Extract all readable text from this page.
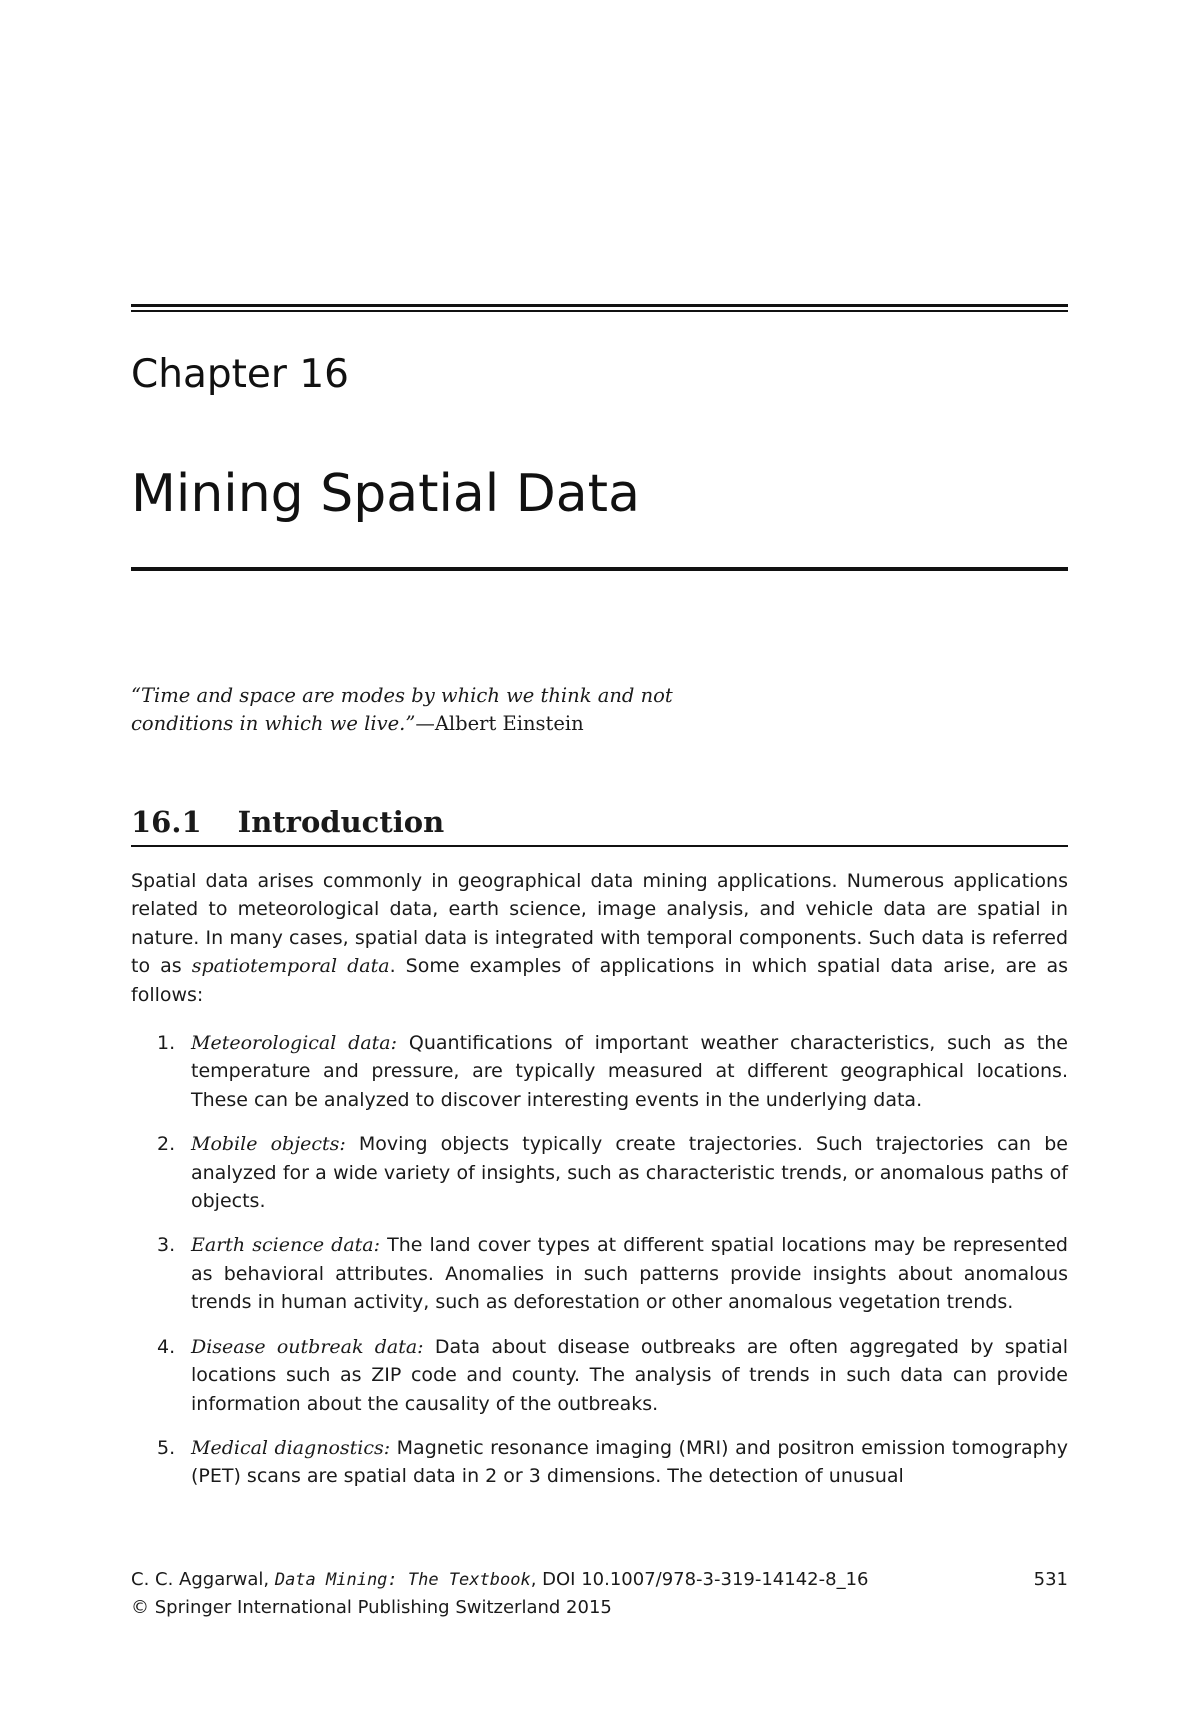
Chapter 16
Mining Spatial Data
“Time and space are modes by which we think and not
conditions in which we live.”—Albert Einstein
16.1 Introduction

Spatial data arises commonly in geographical data mining applications. Numerous applications related to meteorological data, earth science, image analysis, and vehicle data are spatial in nature. In many cases, spatial data is integrated with temporal components. Such data is referred to as spatiotemporal data. Some examples of applications in which spatial data arise, are as follows:

1. Meteorological data: Quantifications of important weather characteristics, such as the temperature and pressure, are typically measured at different geographical locations. These can be analyzed to discover interesting events in the underlying data.
2. Mobile objects: Moving objects typically create trajectories. Such trajectories can be analyzed for a wide variety of insights, such as characteristic trends, or anomalous paths of objects.
3. Earth science data: The land cover types at different spatial locations may be represented as behavioral attributes. Anomalies in such patterns provide insights about anomalous trends in human activity, such as deforestation or other anomalous vegetation trends.
4. Disease outbreak data: Data about disease outbreaks are often aggregated by spatial locations such as ZIP code and county. The analysis of trends in such data can provide information about the causality of the outbreaks.
5. Medical diagnostics: Magnetic resonance imaging (MRI) and positron emission tomography (PET) scans are spatial data in 2 or 3 dimensions. The detection of unusual
C. C. Aggarwal, Data Mining: The Textbook, DOI 10.1007/978-3-319-14142-8_16	531
© Springer International Publishing Switzerland 2015
